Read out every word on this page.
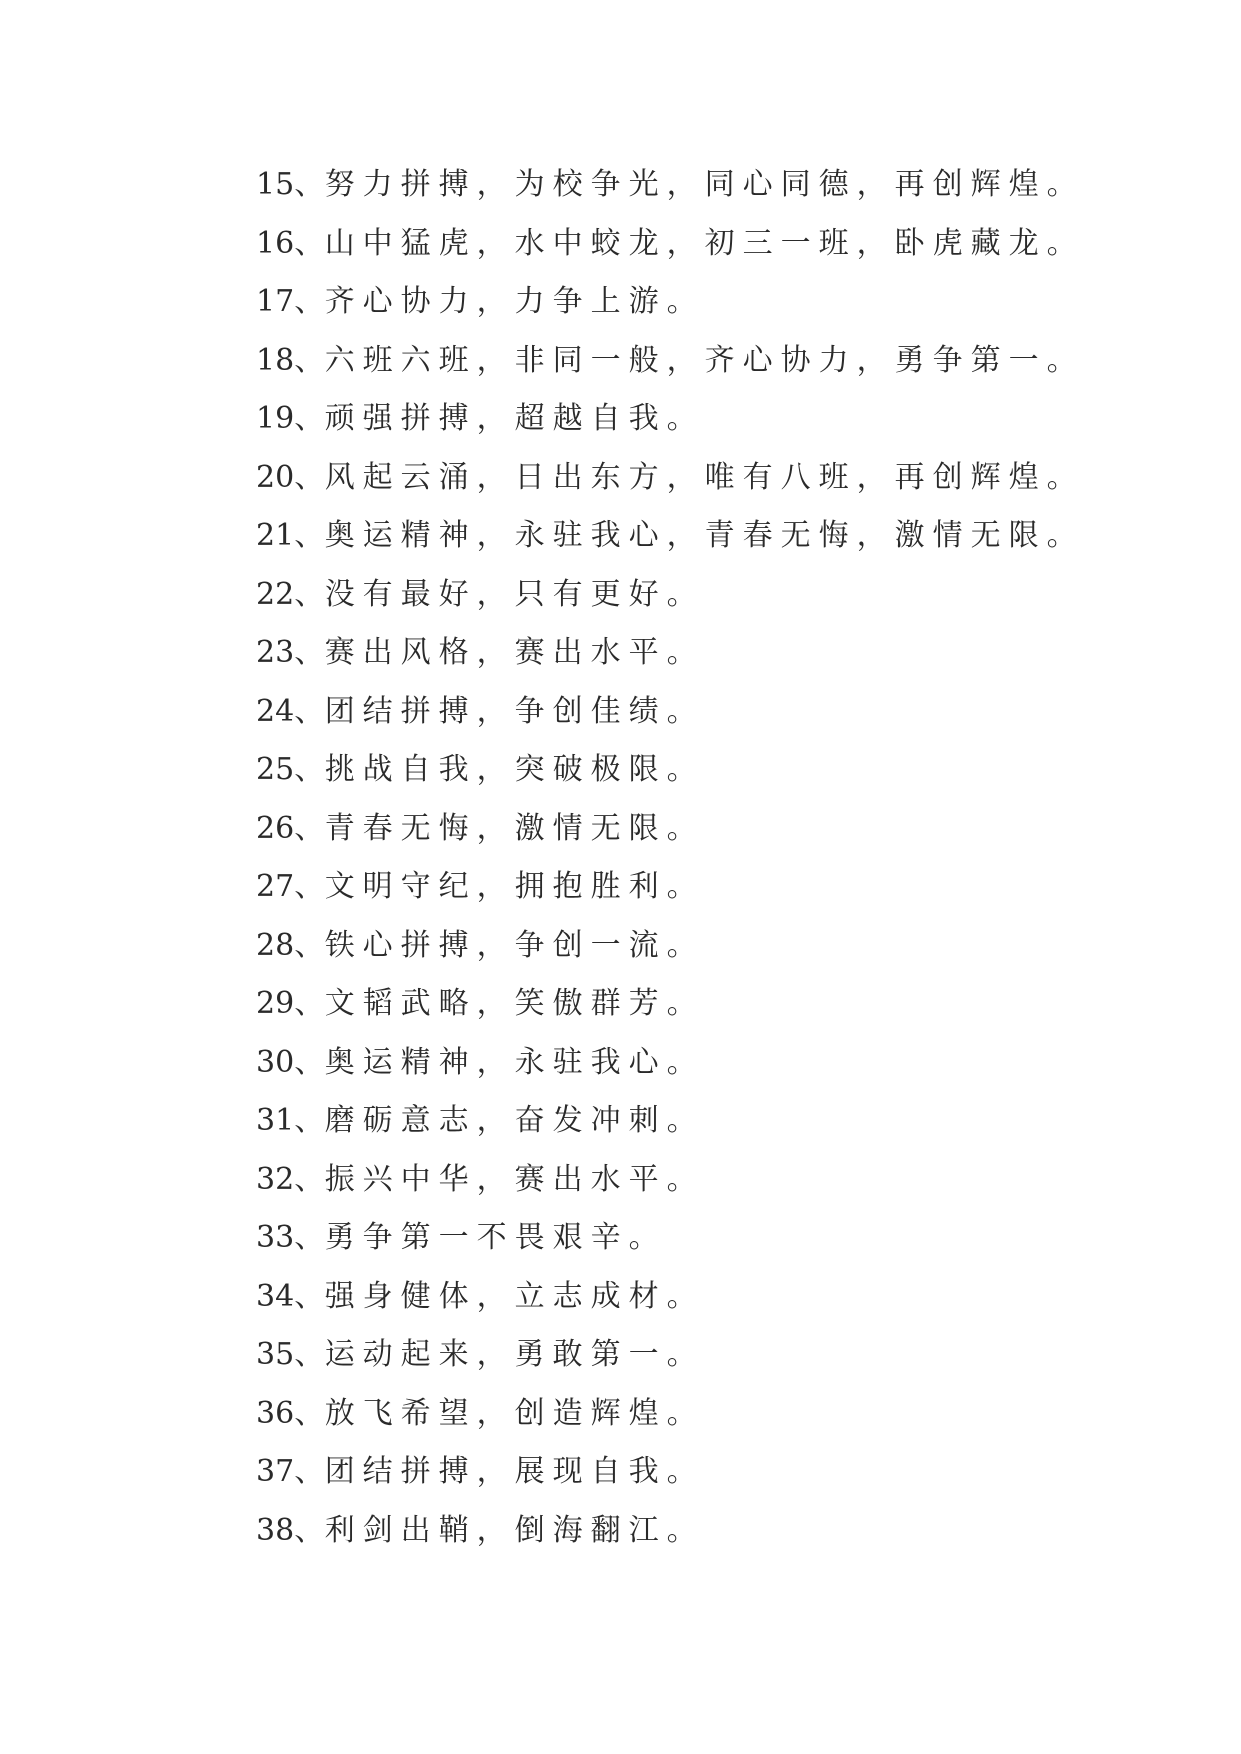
15、努力拼搏，为校争光，同心同德，再创辉煌。
16、山中猛虎，水中蛟龙，初三一班，卧虎藏龙。
17、齐心协力，力争上游。
18、六班六班，非同一般，齐心协力，勇争第一。
19、顽强拼搏，超越自我。
20、风起云涌，日出东方，唯有八班，再创辉煌。
21、奥运精神，永驻我心，青春无悔，激情无限。
22、没有最好，只有更好。
23、赛出风格，赛出水平。
24、团结拼搏，争创佳绩。
25、挑战自我，突破极限。
26、青春无悔，激情无限。
27、文明守纪，拥抱胜利。
28、铁心拼搏，争创一流。
29、文韬武略，笑傲群芳。
30、奥运精神，永驻我心。
31、磨砺意志，奋发冲刺。
32、振兴中华，赛出水平。
33、勇争第一不畏艰辛。
34、强身健体，立志成材。
35、运动起来，勇敢第一。
36、放飞希望，创造辉煌。
37、团结拼搏，展现自我。
38、利剑出鞘，倒海翻江。
